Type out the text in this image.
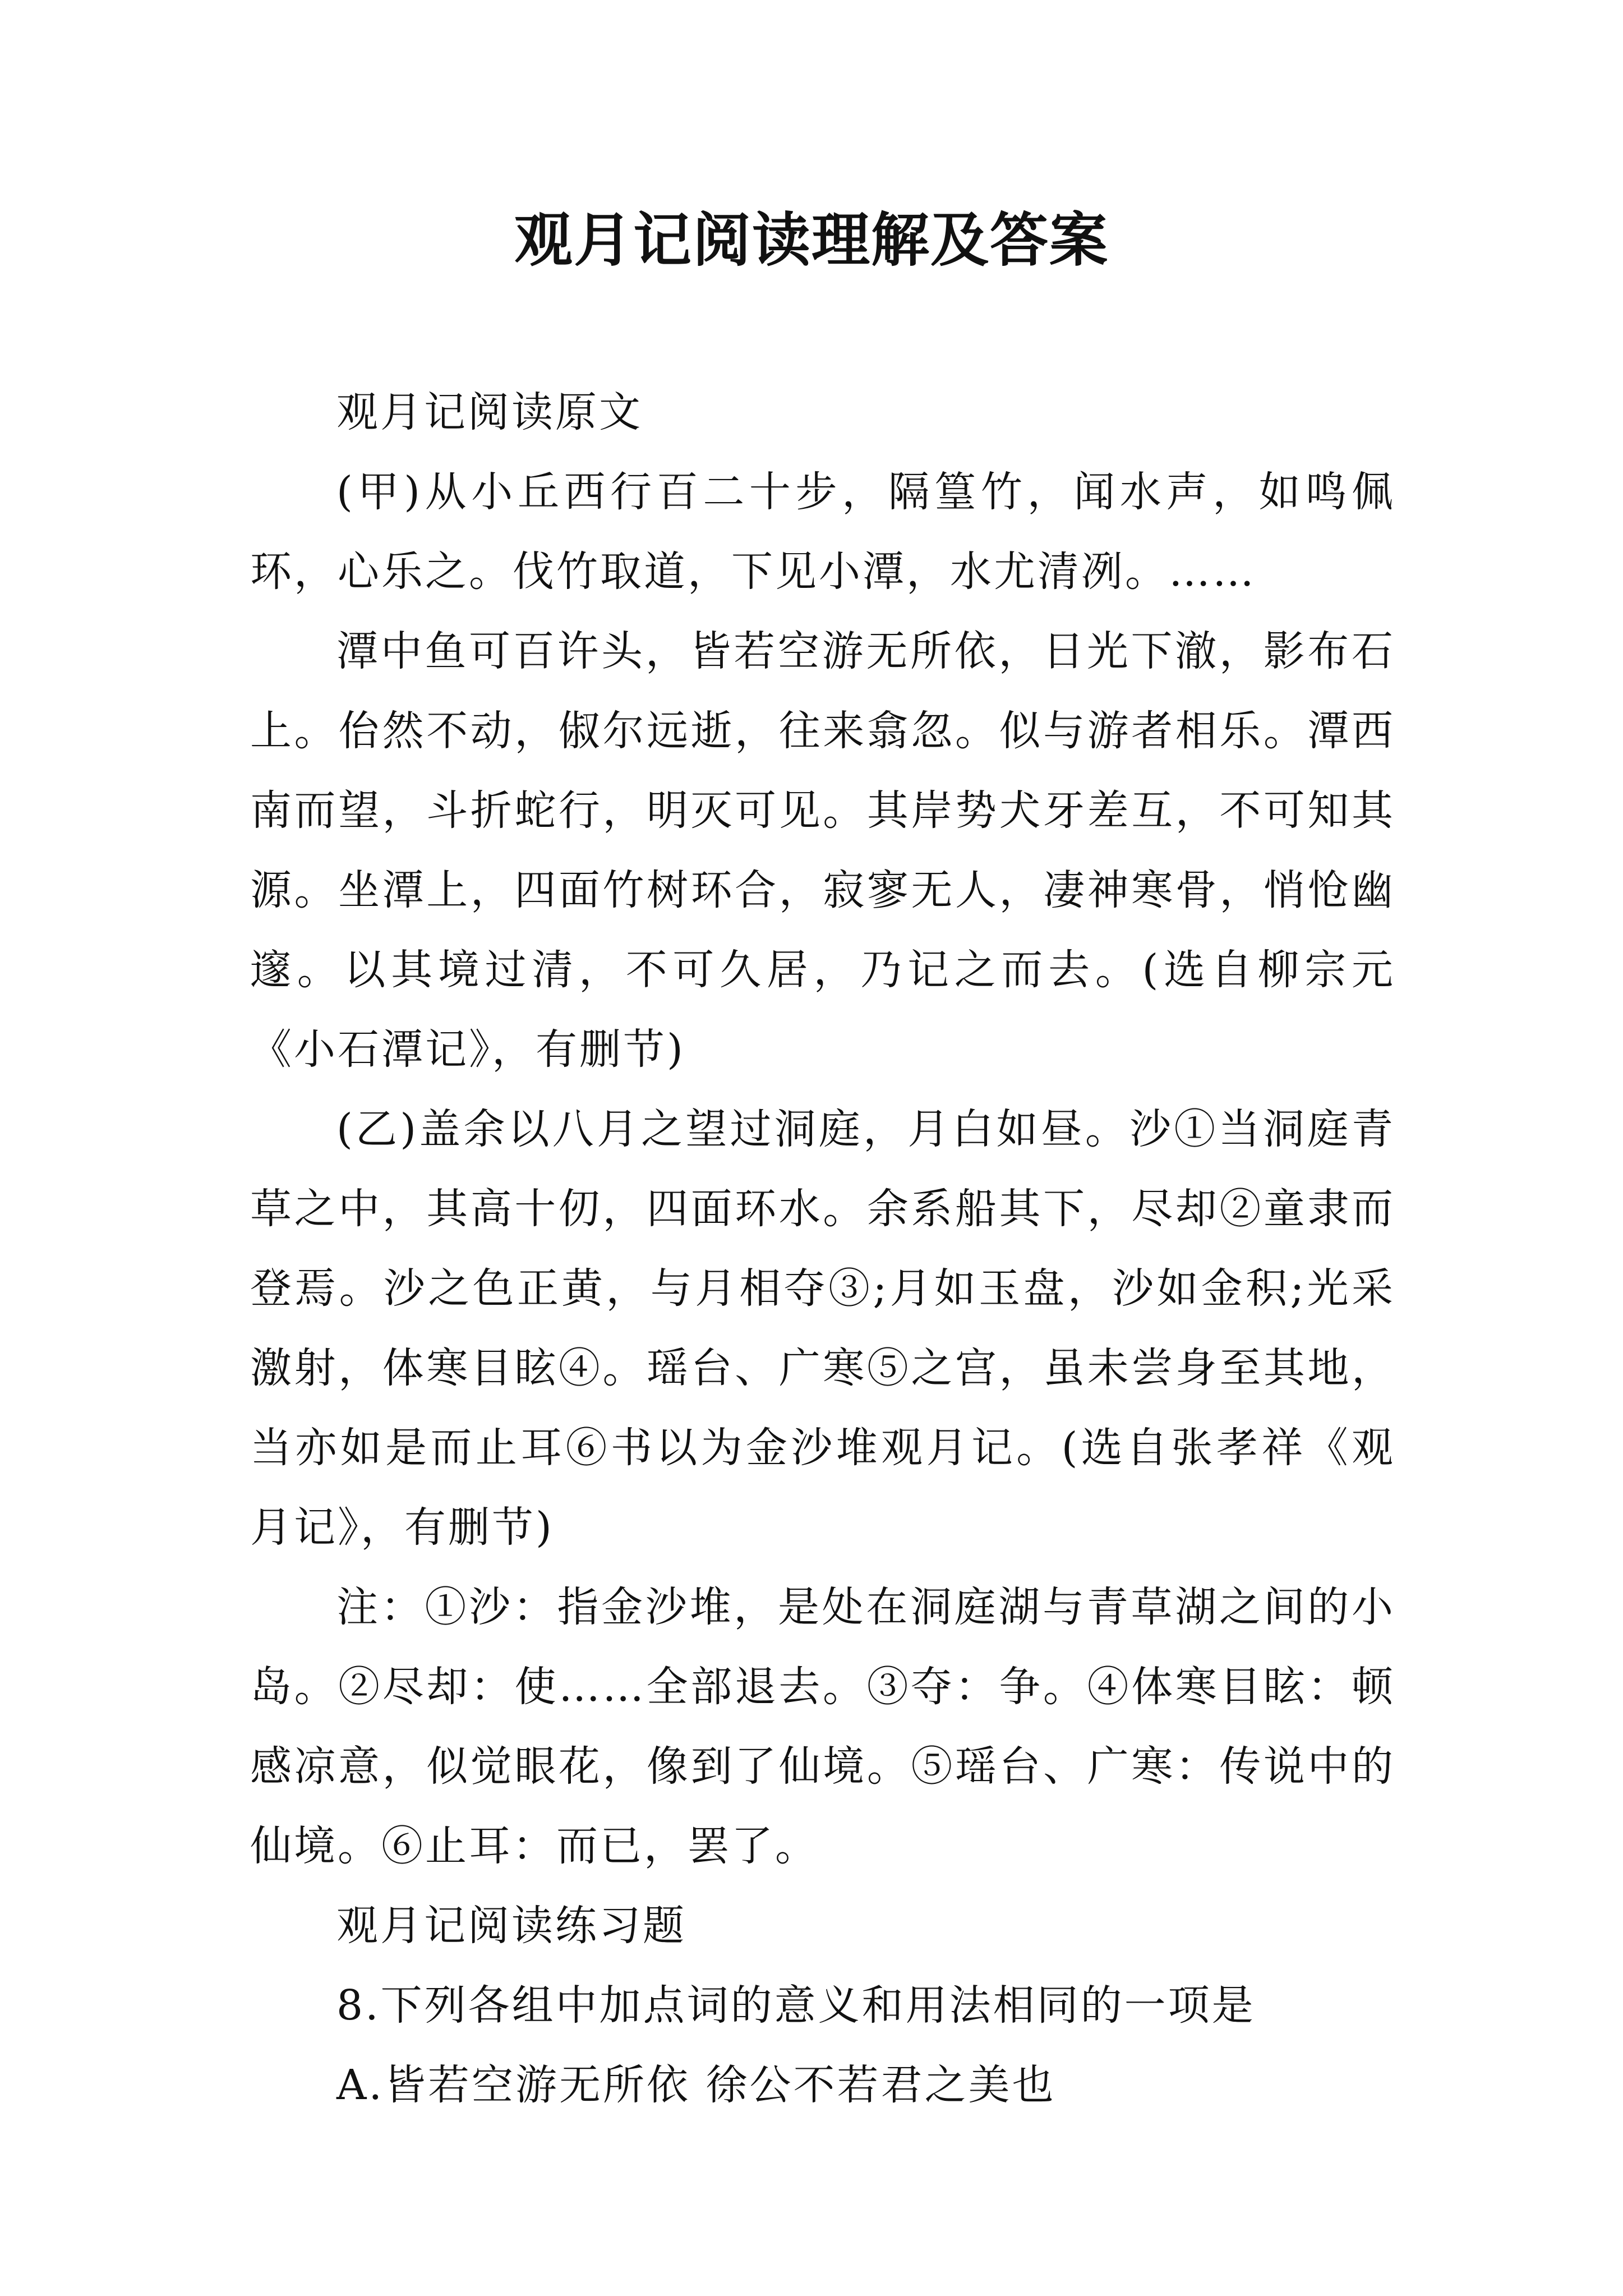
观月记阅读理解及答案

观月记阅读原文

(甲)从小丘西行百二十步，隔篁竹，闻水声，如鸣佩环，心乐之。伐竹取道，下见小潭，水尤清冽。……

潭中鱼可百许头，皆若空游无所依，日光下澈，影布石上。佁然不动，俶尔远逝，往来翕忽。似与游者相乐。潭西南而望，斗折蛇行，明灭可见。其岸势犬牙差互，不可知其源。坐潭上，四面竹树环合，寂寥无人，凄神寒骨，悄怆幽邃。以其境过清，不可久居，乃记之而去。(选自柳宗元《小石潭记》，有删节)

(乙)盖余以八月之望过洞庭，月白如昼。沙①当洞庭青草之中，其高十仞，四面环水。余系船其下，尽却②童隶而登焉。沙之色正黄，与月相夺③;月如玉盘，沙如金积;光采激射，体寒目眩④。瑶台、广寒⑤之宫，虽未尝身至其地，当亦如是而止耳⑥书以为金沙堆观月记。(选自张孝祥《观月记》，有删节)

注：①沙：指金沙堆，是处在洞庭湖与青草湖之间的小岛。②尽却：使……全部退去。③夺：争。④体寒目眩：顿感凉意，似觉眼花，像到了仙境。⑤瑶台、广寒：传说中的仙境。⑥止耳：而已，罢了。

观月记阅读练习题

8.下列各组中加点词的意义和用法相同的一项是

A.皆若空游无所依 徐公不若君之美也
